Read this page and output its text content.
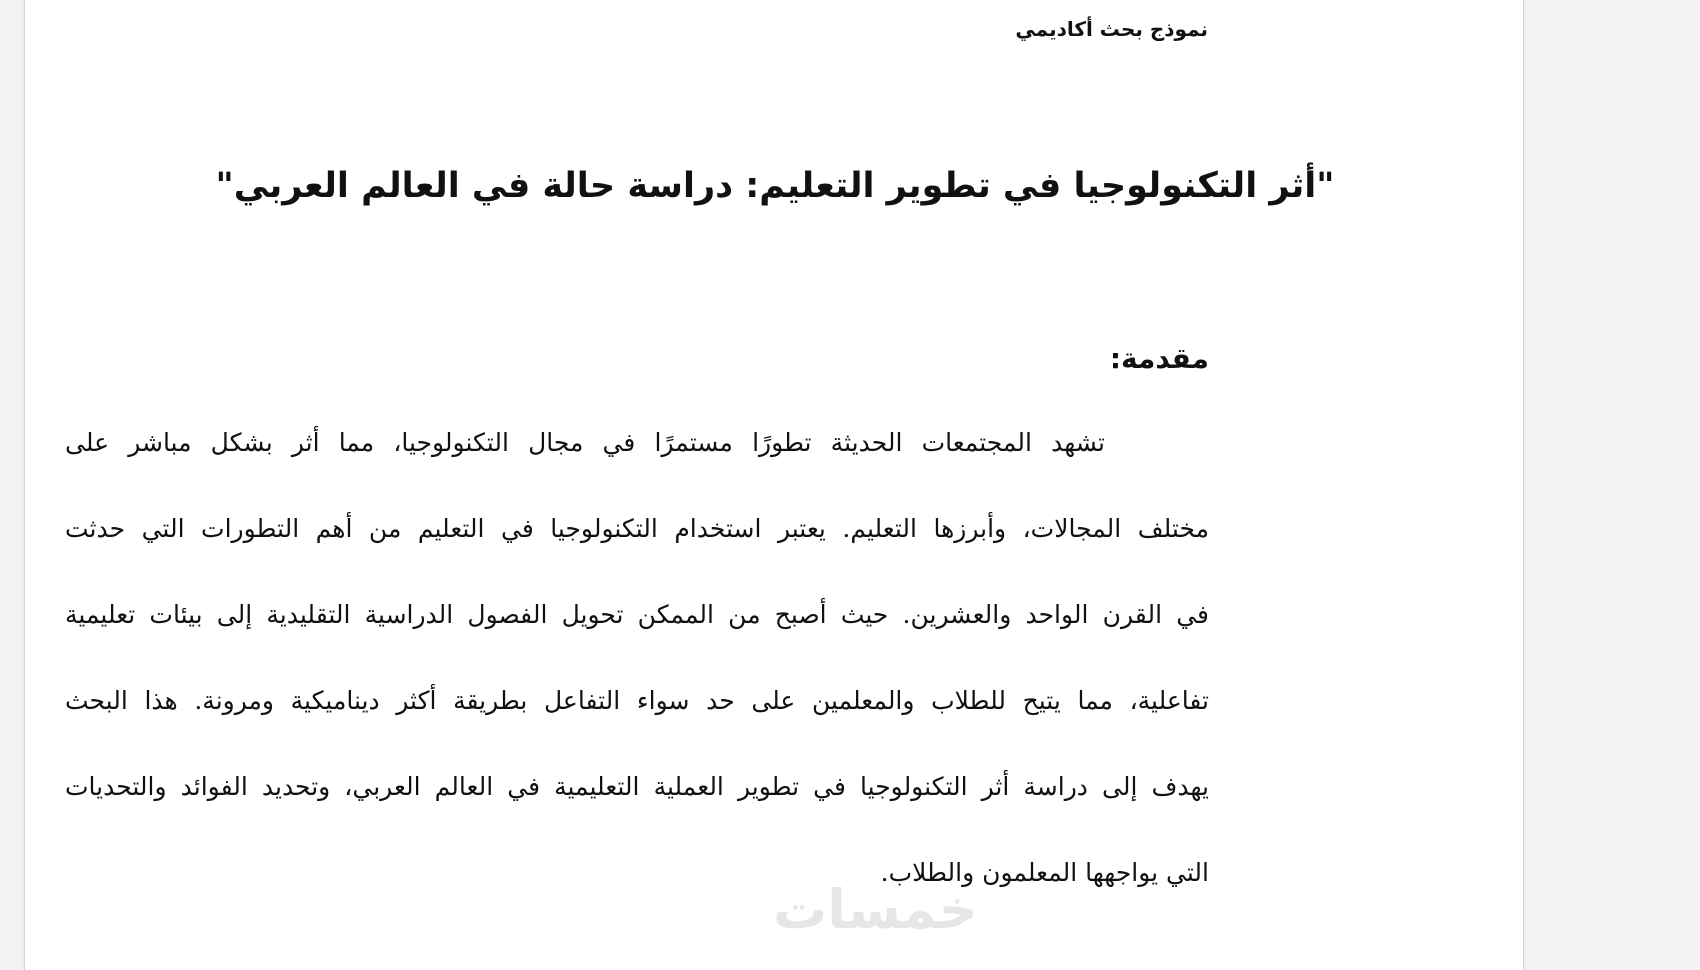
نموذج بحث أكاديمي
"أثر التكنولوجيا في تطوير التعليم: دراسة حالة في العالم العربي"
مقدمة:
تشهد المجتمعات الحديثة تطورًا مستمرًا في مجال التكنولوجيا، مما أثر بشكل مباشر على
مختلف المجالات، وأبرزها التعليم. يعتبر استخدام التكنولوجيا في التعليم من أهم التطورات التي حدثت
في القرن الواحد والعشرين. حيث أصبح من الممكن تحويل الفصول الدراسية التقليدية إلى بيئات تعليمية
تفاعلية، مما يتيح للطلاب والمعلمين على حد سواء التفاعل بطريقة أكثر ديناميكية ومرونة. هذا البحث
يهدف إلى دراسة أثر التكنولوجيا في تطوير العملية التعليمية في العالم العربي، وتحديد الفوائد والتحديات
التي يواجهها المعلمون والطلاب.
خمسات
